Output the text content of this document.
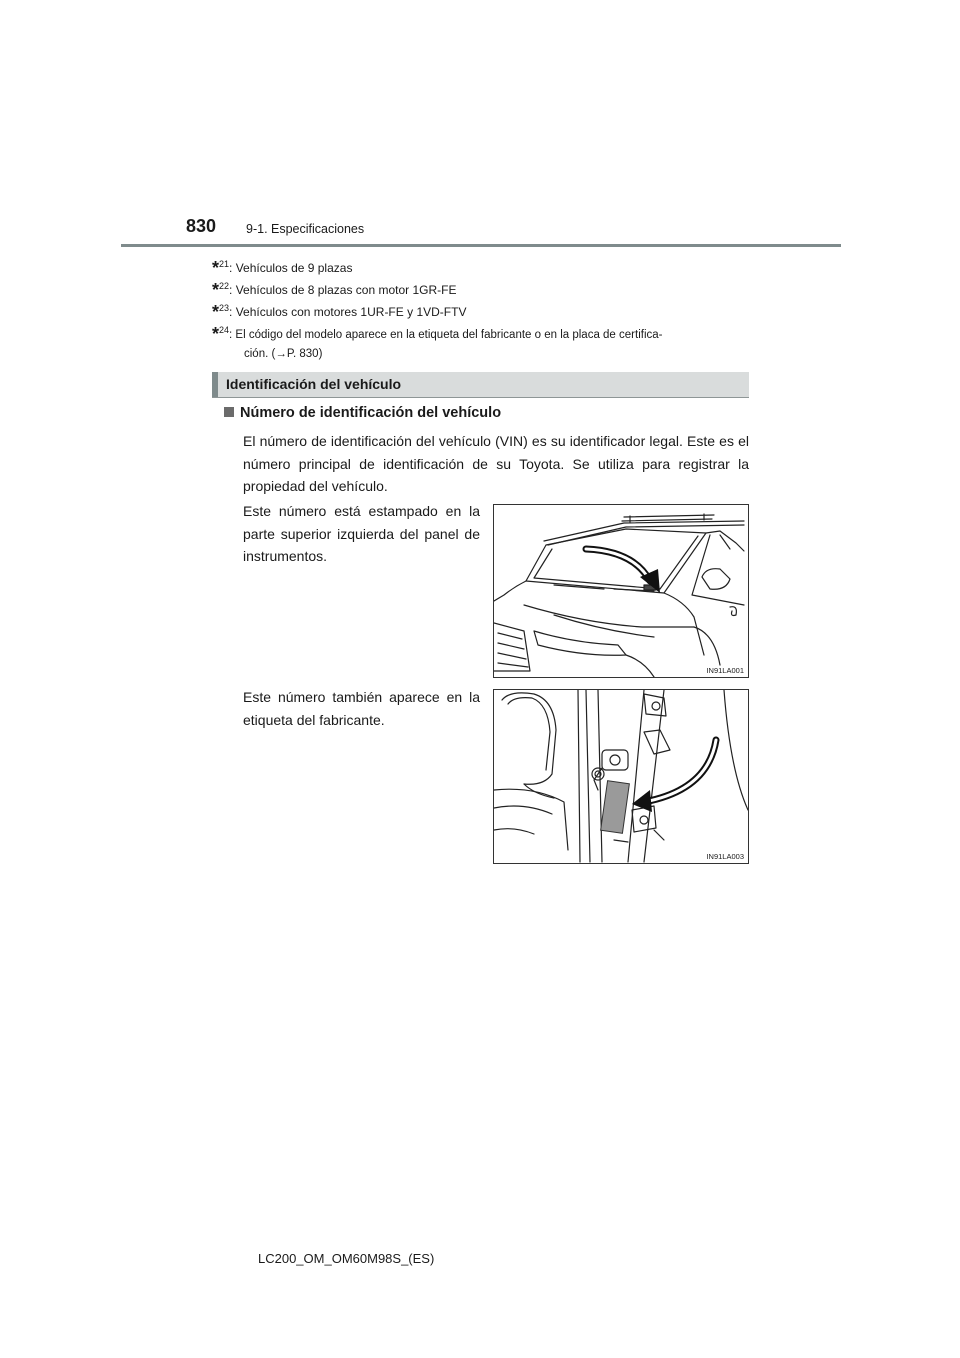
830 9-1. Especificaciones
*$^{21}$: Vehículos de 9 plazas
*$^{22}$: Vehículos de 8 plazas con motor 1GR-FE
*$^{23}$: Vehículos con motores 1UR-FE y 1VD-FTV
*$^{24}$: El código del modelo aparece en la etiqueta del fabricante o en la placa de certifica-
ción. (→P. 830)
Identificación del vehículo
Número de identificación del vehículo
El número de identificación del vehículo (VIN) es su identificador legal. Este es el número principal de identificación de su Toyota. Se utiliza para registrar la propiedad del vehículo.
Este número está estampado en la parte superior izquierda del panel de instrumentos.
IN91LA001
Este número también aparece en la etiqueta del fabricante.
IN91LA003
LC200_OM_OM60M98S_(ES)
